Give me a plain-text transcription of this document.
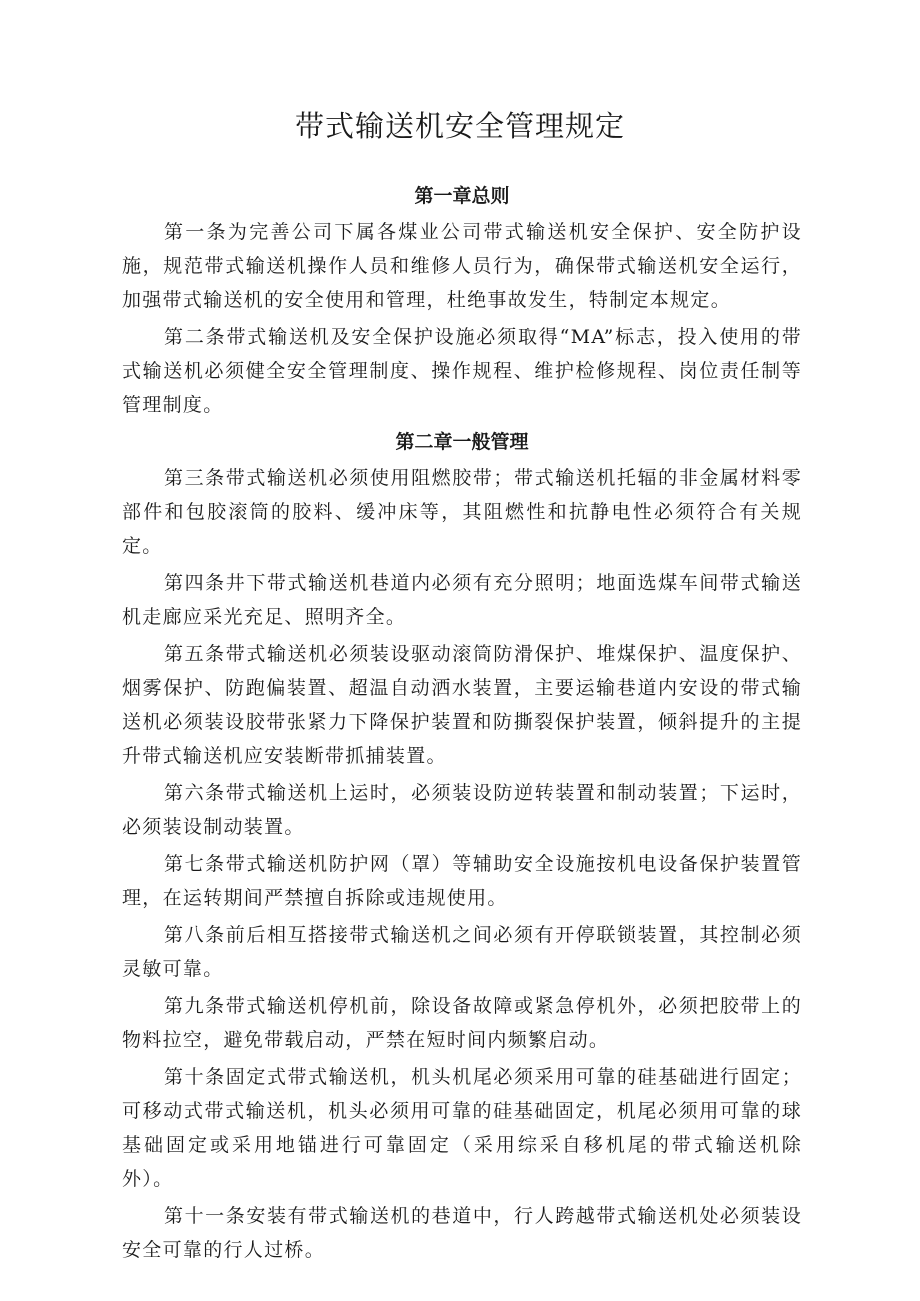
带式输送机安全管理规定
第一章总则

第一条为完善公司下属各煤业公司带式输送机安全保护、安全防护设施，规范带式输送机操作人员和维修人员行为，确保带式输送机安全运行，加强带式输送机的安全使用和管理，杜绝事故发生，特制定本规定。

第二条带式输送机及安全保护设施必须取得“MA”标志，投入使用的带式输送机必须健全安全管理制度、操作规程、维护检修规程、岗位责任制等管理制度。

第二章一般管理

第三条带式输送机必须使用阻燃胶带；带式输送机托辐的非金属材料零部件和包胶滚筒的胶料、缓冲床等，其阻燃性和抗静电性必须符合有关规定。

第四条井下带式输送机巷道内必须有充分照明；地面选煤车间带式输送机走廊应采光充足、照明齐全。

第五条带式输送机必须装设驱动滚筒防滑保护、堆煤保护、温度保护、烟雾保护、防跑偏装置、超温自动洒水装置，主要运输巷道内安设的带式输送机必须装设胶带张紧力下降保护装置和防撕裂保护装置，倾斜提升的主提升带式输送机应安装断带抓捕装置。

第六条带式输送机上运时，必须装设防逆转装置和制动装置；下运时，必须装设制动装置。

第七条带式输送机防护网（罩）等辅助安全设施按机电设备保护装置管理，在运转期间严禁擅自拆除或违规使用。

第八条前后相互搭接带式输送机之间必须有开停联锁装置，其控制必须灵敏可靠。

第九条带式输送机停机前，除设备故障或紧急停机外，必须把胶带上的物料拉空，避免带载启动，严禁在短时间内频繁启动。

第十条固定式带式输送机，机头机尾必须采用可靠的硅基础进行固定；可移动式带式输送机，机头必须用可靠的硅基础固定，机尾必须用可靠的球基础固定或采用地锚进行可靠固定（采用综采自移机尾的带式输送机除外）。

第十一条安装有带式输送机的巷道中，行人跨越带式输送机处必须装设安全可靠的行人过桥。
